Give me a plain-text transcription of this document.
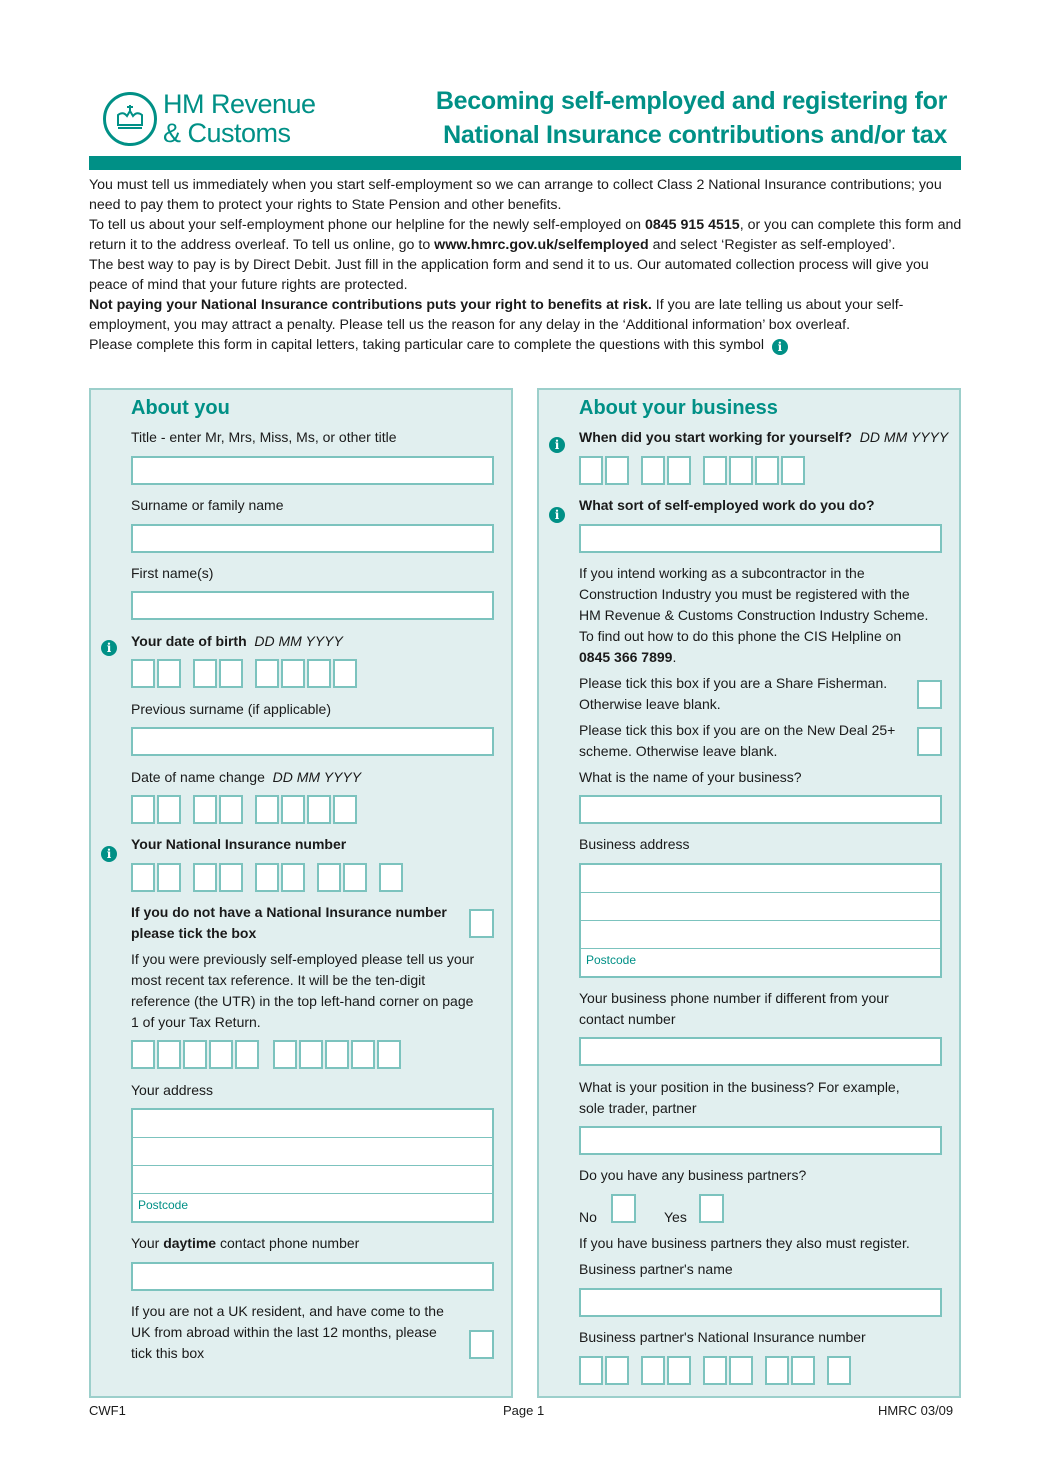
HM Revenue
& Customs
Becoming self-employed and registering for
National Insurance contributions and/or tax

You must tell us immediately when you start self-employment so we can arrange to collect Class 2 National Insurance contributions; you need to pay them to protect your rights to State Pension and other benefits.

To tell us about your self-employment phone our helpline for the newly self-employed on 0845 915 4515, or you can complete this form and return it to the address overleaf. To tell us online, go to www.hmrc.gov.uk/selfemployed and select ‘Register as self-employed’.

The best way to pay is by Direct Debit. Just fill in the application form and send it to us. Our automated collection process will give you peace of mind that your future rights are protected.

Not paying your National Insurance contributions puts your right to benefits at risk. If you are late telling us about your self-employment, you may attract a penalty. Please tell us the reason for any delay in the ‘Additional information’ box overleaf.

Please complete this form in capital letters, taking particular care to complete the questions with this symbol i

About you
Title - enter Mr, Mrs, Miss, Ms, or other title
Surname or family name
First name(s)
i	Your date of birth DD MM YYYY
Previous surname (if applicable)
Date of name change DD MM YYYY
i
Your National Insurance number
If you do not have a National Insurance number
please tick the box
If you were previously self-employed please tell us your most recent tax reference. It will be the ten-digit reference (the UTR) in the top left-hand corner on page 1 of your Tax Return.
Your address
Postcode
Your daytime contact phone number
If you are not a UK resident, and have come to the UK from abroad within the last 12 months, please tick this box
About your business
i	When did you start working for yourself? DD MM YYYY
i
What sort of self-employed work do you do?
If you intend working as a subcontractor in the Construction Industry you must be registered with the HM Revenue & Customs Construction Industry Scheme. To find out how to do this phone the CIS Helpline on 0845 366 7899.
Please tick this box if you are a Share Fisherman. Otherwise leave blank.
Please tick this box if you are on the New Deal 25+
scheme. Otherwise leave blank.
What is the name of your business?
Business address
Postcode
Your business phone number if different from your contact number
What is your position in the business? For example, sole trader, partner
Do you have any business partners?
No	Yes
If you have business partners they also must register.
Business partner's name
Business partner's National Insurance number
CWF1	Page 1	HMRC 03/09
